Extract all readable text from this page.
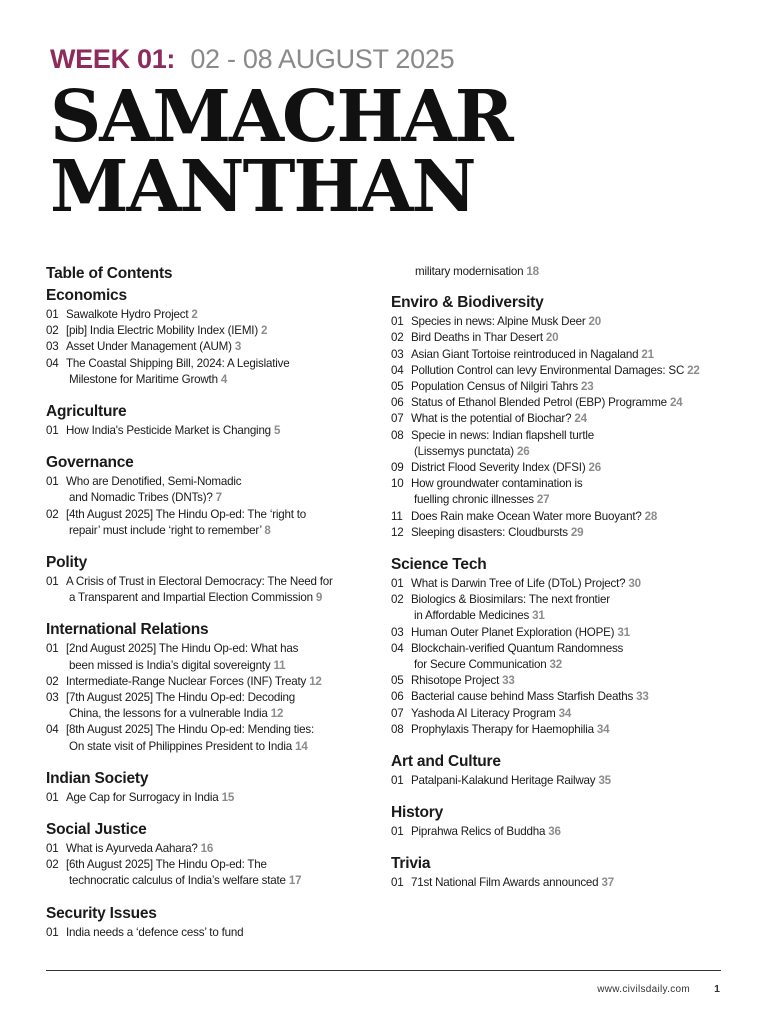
WEEK 01: 02 - 08 AUGUST 2025
SAMACHAR
MANTHAN
Table of Contents
Economics
01 Sawalkote Hydro Project 2
02 [pib] India Electric Mobility Index (IEMI) 2
03 Asset Under Management (AUM) 3
04 The Coastal Shipping Bill, 2024: A Legislative
Milestone for Maritime Growth 4
Agriculture
01 How India's Pesticide Market is Changing 5
Governance
01 Who are Denotified, Semi-Nomadic
and Nomadic Tribes (DNTs)? 7
02 [4th August 2025] The Hindu Op-ed: The ‘right to
repair’ must include ‘right to remember’ 8
Polity
01 A Crisis of Trust in Electoral Democracy: The Need for
a Transparent and Impartial Election Commission 9
International Relations
01 [2nd August 2025] The Hindu Op-ed: What has
been missed is India’s digital sovereignty 11
02 Intermediate-Range Nuclear Forces (INF) Treaty 12
03 [7th August 2025] The Hindu Op-ed: Decoding
China, the lessons for a vulnerable India 12
04 [8th August 2025] The Hindu Op-ed: Mending ties:
On state visit of Philippines President to India 14
Indian Society
01 Age Cap for Surrogacy in India 15
Social Justice
01 What is Ayurveda Aahara? 16
02 [6th August 2025] The Hindu Op-ed: The
technocratic calculus of India’s welfare state 17
Security Issues
01 India needs a ‘defence cess’ to fund
military modernisation 18
Enviro & Biodiversity
01 Species in news: Alpine Musk Deer 20
02 Bird Deaths in Thar Desert 20
03 Asian Giant Tortoise reintroduced in Nagaland 21
04 Pollution Control can levy Environmental Damages: SC 22
05 Population Census of Nilgiri Tahrs 23
06 Status of Ethanol Blended Petrol (EBP) Programme 24
07 What is the potential of Biochar? 24
08 Specie in news: Indian flapshell turtle
(Lissemys punctata) 26
09 District Flood Severity Index (DFSI) 26
10 How groundwater contamination is
fuelling chronic illnesses 27
11 Does Rain make Ocean Water more Buoyant? 28
12 Sleeping disasters: Cloudbursts 29
Science Tech
01 What is Darwin Tree of Life (DToL) Project? 30
02 Biologics & Biosimilars: The next frontier
in Affordable Medicines 31
03 Human Outer Planet Exploration (HOPE) 31
04 Blockchain-verified Quantum Randomness
for Secure Communication 32
05 Rhisotope Project 33
06 Bacterial cause behind Mass Starfish Deaths 33
07 Yashoda AI Literacy Program 34
08 Prophylaxis Therapy for Haemophilia 34
Art and Culture
01 Patalpani-Kalakund Heritage Railway 35
History
01 Piprahwa Relics of Buddha 36
Trivia
01 71st National Film Awards announced 37
www.civilsdaily.com 1
